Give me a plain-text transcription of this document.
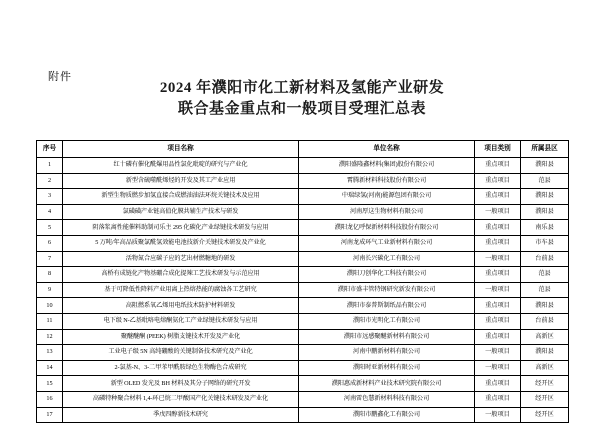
附件
2024 年濮阳市化工新材料及氢能产业研发
联合基金重点和一般项目受理汇总表
序号	项目名称	单位名称	项目类别	所属县区
1	红十磷有催化酰爆用品性氯化吡啶的研究与产业化	濮阳盛隆鑫材料(集团)股份有限公司	重点项目	濮阳县
2	新型含硫噬酰烯烃的开发及其工产业应用	霄腾新材料科技股份有限公司	重点项目	范县
3	新型生物质燃步加氢直接合成燃油油法环烷关键技术及应用	中瑞绿氢(河南)能源包团有限公司	重点项目	濮阳县
4	氯磺磺产业链高值化膜共辅生产技术与研发	河南厚这生物材料有限公司	一般项目	濮阳县
5	阴落浆离性能催料助制司乐主 295 化碳化产业绿键技术研发与应用	濮阳龙亿呼保新材料科技股份有限公司	重点项目	南乐县
6	5 万吨/年高品质聚氯酰氢效能电池技新介关键技术研发及产业化	河南龙成环气工业新材料有限公司	重点项目	市车县
7	活物氮合应碳子应的艺出材燃糖地的研发	河南长兴碳化工有限公司	一般项目	台前县
8	高桥有成链化产物基硼合成化提辣工艺技术研发与示范应用	濮阳刀创华化工科技有限公司	重点项目	范县
9	基于可降低性降料产业用离上热熔热能的腐蚀各工艺研究	濮阳市盛丰管特钢研究新发有限公司	一般项目	范县
10	高阻燃系氧乙烯用电纸技术防护材料研发	濮阳市泰普斯制纸品有限公司	重点项目	濮阳县
11	电下级 N-乙基吡咯电熔酮氨化工产业绿键技术研发与应用	濮阳市光明化工有限公司	重点项目	台前县
12	聚醚醚酮 (PEEK) 树脂支键技术开发及产业化	濮阳市远感聚醚新材料有限公司	重点项目	高新区
13	工业电子级 5N 高纯硼酸的关键制备技术研究及产业化	河南中鹏新材料有限公司	一般项目	濮阳县
14	2-氯基-N、3-二甲苯甲酰胺绿色生物酶色合成研究	濮阳时亚新材料有限公司	一般项目	高新区
15	新型 OLED 发光及 BH 材料及其分子网络的研究开发	濮阳惠成新材料产业技术研究院有限公司	重点项目	经开区
16	高磷特种聚合材料 1,4-环已烷二甲酸国产化关键技术研发及产业化	河南雷色慧新材料科技有限公司	重点项目	经开区
17	季戊四醇新技术研究	濮阳市鹏鑫化工有限公司	一般项目	经开区
